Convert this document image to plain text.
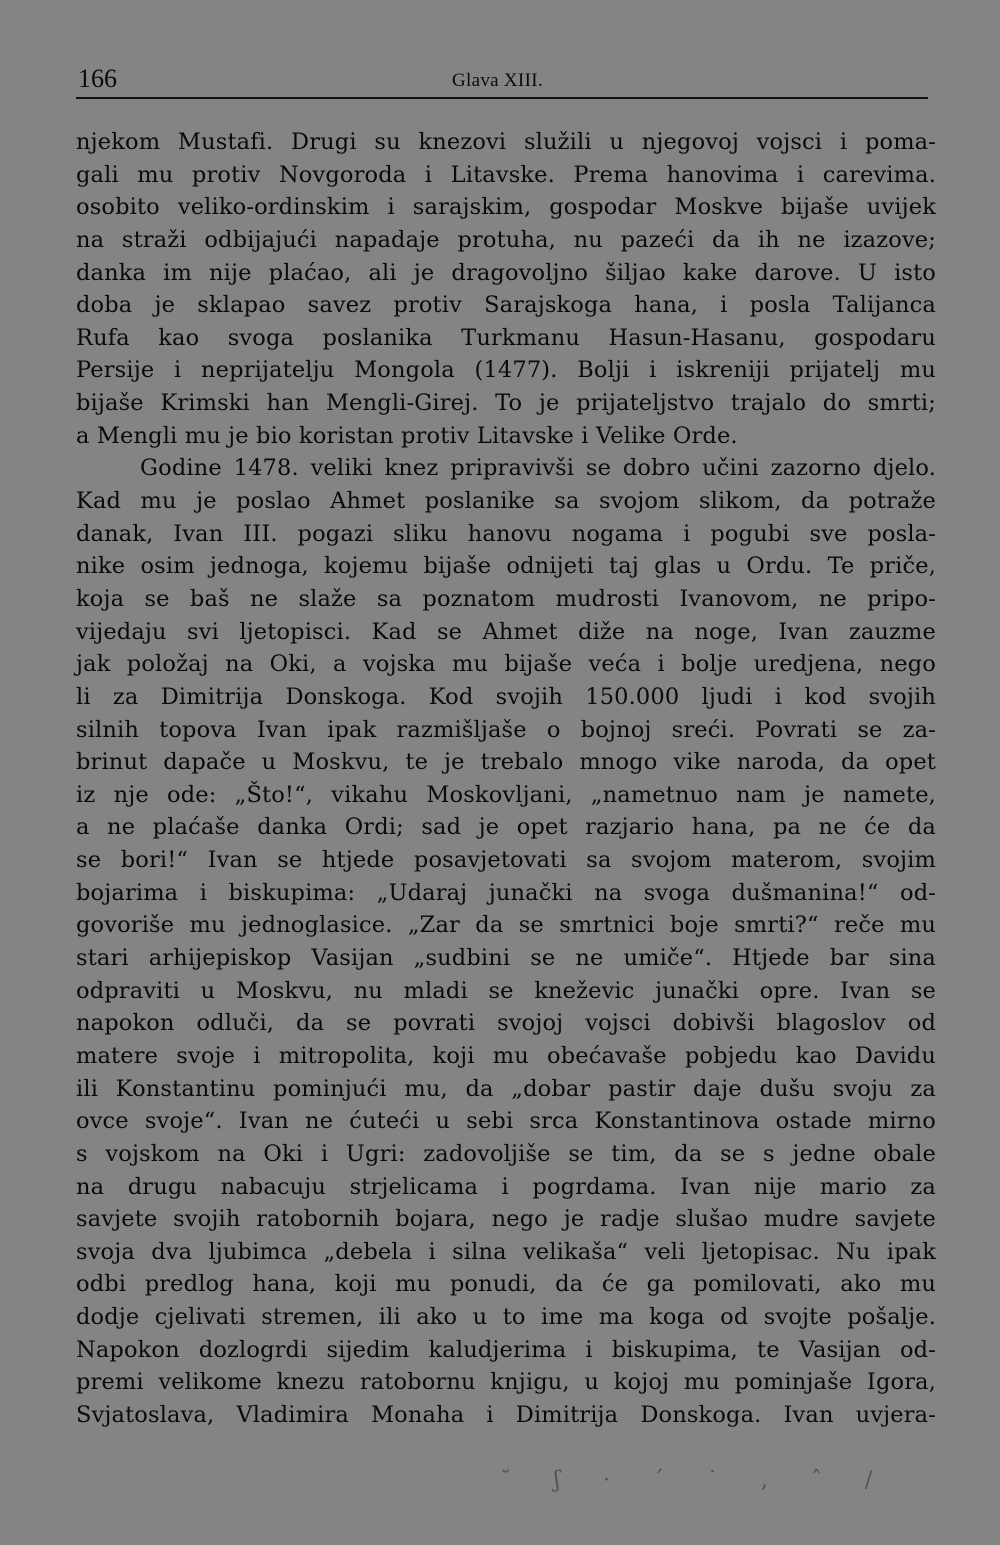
166	Glava XIII.
njekom Mustafi. Drugi su knezovi služili u njegovoj vojsci i poma-
gali mu protiv Novgoroda i Litavske. Prema hanovima i carevima.
osobito veliko-ordinskim i sarajskim, gospodar Moskve bijaše uvijek
na straži odbijajući napadaje protuha, nu pazeći da ih ne izazove;
danka im nije plaćao, ali je dragovoljno šiljao kake darove. U isto
doba je sklapao savez protiv Sarajskoga hana, i posla Talijanca
Rufa kao svoga poslanika Turkmanu Hasun-Hasanu, gospodaru
Persije i neprijatelju Mongola (1477). Bolji i iskreniji prijatelj mu
bijaše Krimski han Mengli-Girej. To je prijateljstvo trajalo do smrti;
a Mengli mu je bio koristan protiv Litavske i Velike Orde.
Godine 1478. veliki knez pripravivši se dobro učini zazorno djelo.
Kad mu je poslao Ahmet poslanike sa svojom slikom, da potraže
danak, Ivan III. pogazi sliku hanovu nogama i pogubi sve posla-
nike osim jednoga, kojemu bijaše odnijeti taj glas u Ordu. Te priče,
koja se baš ne slaže sa poznatom mudrosti Ivanovom, ne pripo-
vijedaju svi ljetopisci. Kad se Ahmet diže na noge, Ivan zauzme
jak položaj na Oki, a vojska mu bijaše veća i bolje uredjena, nego
li za Dimitrija Donskoga. Kod svojih 150.000 ljudi i kod svojih
silnih topova Ivan ipak razmišljaše o bojnoj sreći. Povrati se za-
brinut dapače u Moskvu, te je trebalo mnogo vike naroda, da opet
iz nje ode: „Što!“, vikahu Moskovljani, „nametnuo nam je namete,
a ne plaćaše danka Ordi; sad je opet razjario hana, pa ne će da
se bori!“ Ivan se htjede posavjetovati sa svojom materom, svojim
bojarima i biskupima: „Udaraj junački na svoga dušmanina!“ od-
govoriše mu jednoglasice. „Zar da se smrtnici boje smrti?“ reče mu
stari arhijepiskop Vasijan „sudbini se ne umiče“. Htjede bar sina
odpraviti u Moskvu, nu mladi se kneževic junački opre. Ivan se
napokon odluči, da se povrati svojoj vojsci dobivši blagoslov od
matere svoje i mitropolita, koji mu obećavaše pobjedu kao Davidu
ili Konstantinu pominjući mu, da „dobar pastir daje dušu svoju za
ovce svoje“. Ivan ne ćuteći u sebi srca Konstantinova ostade mirno
s vojskom na Oki i Ugri: zadovoljiše se tim, da se s jedne obale
na drugu nabacuju strjelicama i pogrdama. Ivan nije mario za
savjete svojih ratobornih bojara, nego je radje slušao mudre savjete
svoja dva ljubimca „debela i silna velikaša“ veli ljetopisac. Nu ipak
odbi predlog hana, koji mu ponudi, da će ga pomilovati, ako mu
dodje cjelivati stremen, ili ako u to ime ma koga od svojte pošalje.
Napokon dozlogrdi sijedim kaludjerima i biskupima, te Vasijan od-
premi velikome knezu ratobornu knjigu, u kojoj mu pominjaše Igora,
Svjatoslava, Vladimira Monaha i Dimitrija Donskoga. Ivan uvjera-
˘ ʃ · ´ ˙ , ˆ /
